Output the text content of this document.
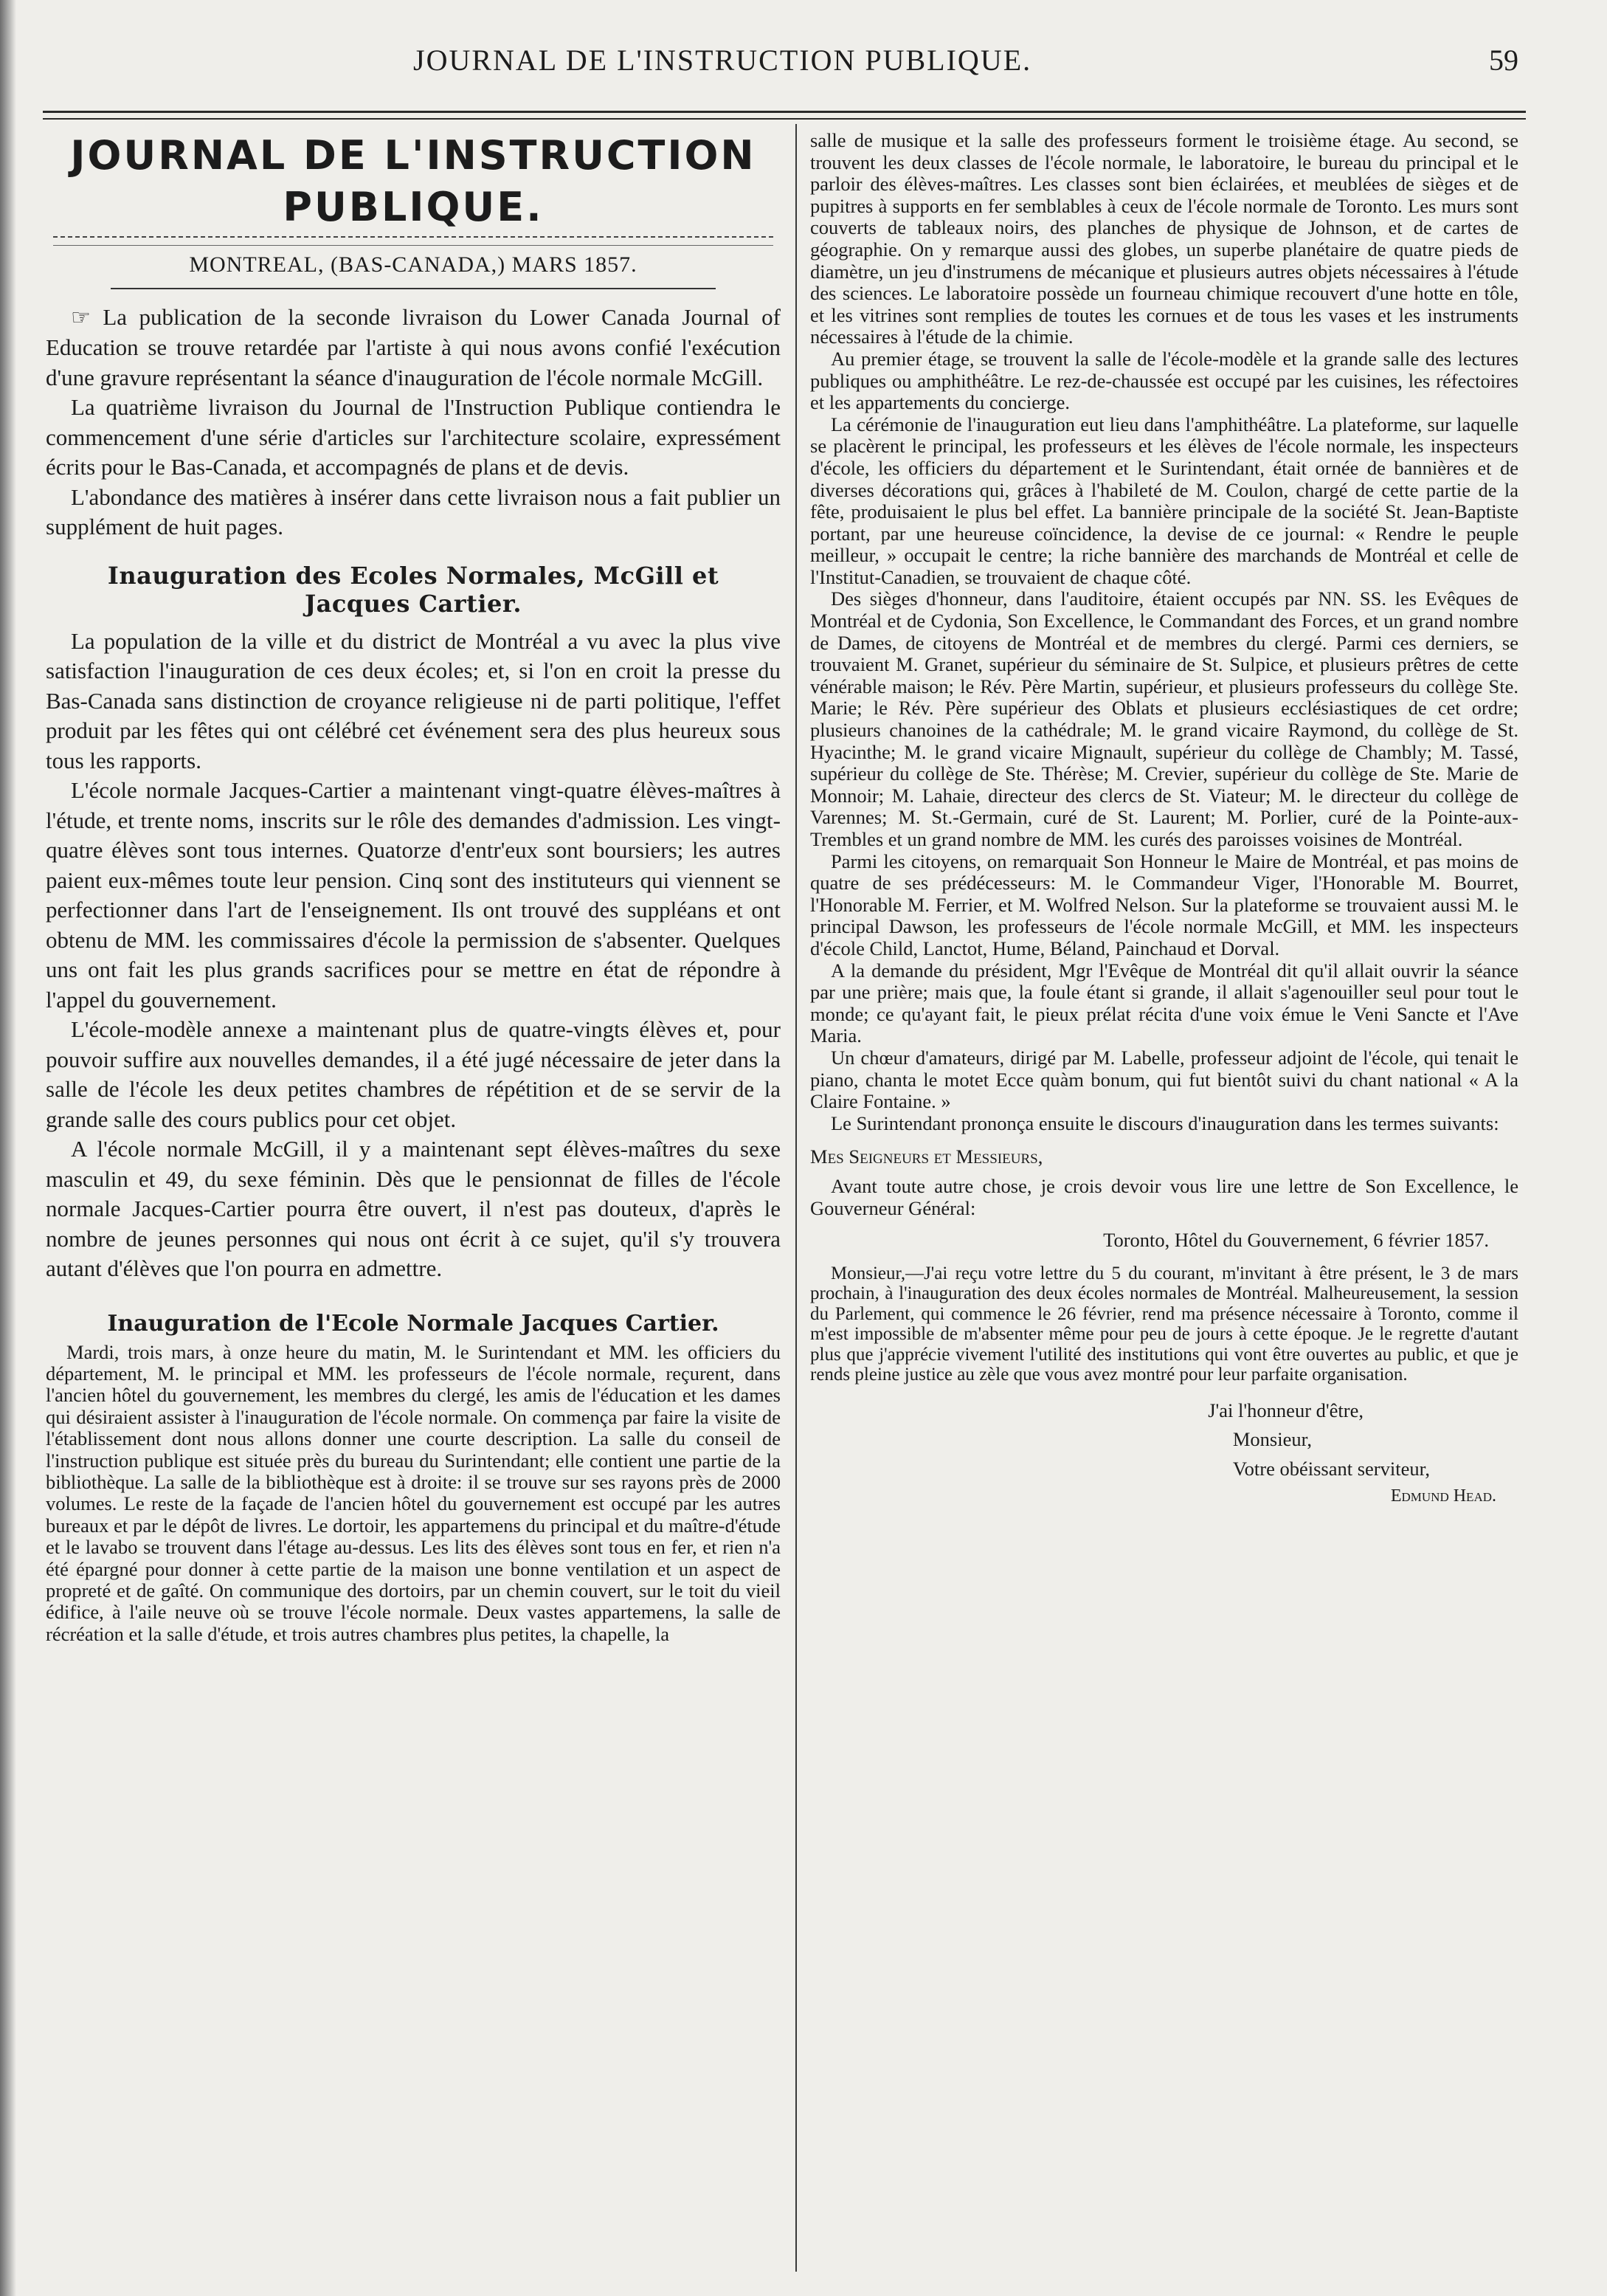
JOURNAL DE L'INSTRUCTION PUBLIQUE.	59
JOURNAL DE L'INSTRUCTION PUBLIQUE.
MONTREAL, (BAS-CANADA,) MARS 1857.

☞ La publication de la seconde livraison du Lower Canada Journal of Education se trouve retardée par l'artiste à qui nous avons confié l'exécution d'une gravure représentant la séance d'inauguration de l'école normale McGill.

La quatrième livraison du Journal de l'Instruction Publique contiendra le commencement d'une série d'articles sur l'architecture scolaire, expressément écrits pour le Bas-Canada, et accompagnés de plans et de devis.

L'abondance des matières à insérer dans cette livraison nous a fait publier un supplément de huit pages.

Inauguration des Ecoles Normales, McGill et Jacques Cartier.

La population de la ville et du district de Montréal a vu avec la plus vive satisfaction l'inauguration de ces deux écoles; et, si l'on en croit la presse du Bas-Canada sans distinction de croyance religieuse ni de parti politique, l'effet produit par les fêtes qui ont célébré cet événement sera des plus heureux sous tous les rapports.

L'école normale Jacques-Cartier a maintenant vingt-quatre élèves-maîtres à l'étude, et trente noms, inscrits sur le rôle des demandes d'admission. Les vingt-quatre élèves sont tous internes. Quatorze d'entr'eux sont boursiers; les autres paient eux-mêmes toute leur pension. Cinq sont des instituteurs qui viennent se perfectionner dans l'art de l'enseignement. Ils ont trouvé des suppléans et ont obtenu de MM. les commissaires d'école la permission de s'absenter. Quelques uns ont fait les plus grands sacrifices pour se mettre en état de répondre à l'appel du gouvernement.

L'école-modèle annexe a maintenant plus de quatre-vingts élèves et, pour pouvoir suffire aux nouvelles demandes, il a été jugé nécessaire de jeter dans la salle de l'école les deux petites chambres de répétition et de se servir de la grande salle des cours publics pour cet objet.

A l'école normale McGill, il y a maintenant sept élèves-maîtres du sexe masculin et 49, du sexe féminin. Dès que le pensionnat de filles de l'école normale Jacques-Cartier pourra être ouvert, il n'est pas douteux, d'après le nombre de jeunes personnes qui nous ont écrit à ce sujet, qu'il s'y trouvera autant d'élèves que l'on pourra en admettre.

Inauguration de l'Ecole Normale Jacques Cartier.

Mardi, trois mars, à onze heure du matin, M. le Surintendant et MM. les officiers du département, M. le principal et MM. les professeurs de l'école normale, reçurent, dans l'ancien hôtel du gouvernement, les membres du clergé, les amis de l'éducation et les dames qui désiraient assister à l'inauguration de l'école normale. On commença par faire la visite de l'établissement dont nous allons donner une courte description. La salle du conseil de l'instruction publique est située près du bureau du Surintendant; elle contient une partie de la bibliothèque. La salle de la bibliothèque est à droite: il se trouve sur ses rayons près de 2000 volumes. Le reste de la façade de l'ancien hôtel du gouvernement est occupé par les autres bureaux et par le dépôt de livres. Le dortoir, les appartemens du principal et du maître-d'étude et le lavabo se trouvent dans l'étage au-dessus. Les lits des élèves sont tous en fer, et rien n'a été épargné pour donner à cette partie de la maison une bonne ventilation et un aspect de propreté et de gaîté. On communique des dortoirs, par un chemin couvert, sur le toit du vieil édifice, à l'aile neuve où se trouve l'école normale. Deux vastes appartemens, la salle de récréation et la salle d'étude, et trois autres chambres plus petites, la chapelle, la

salle de musique et la salle des professeurs forment le troisième étage. Au second, se trouvent les deux classes de l'école normale, le laboratoire, le bureau du principal et le parloir des élèves-maîtres. Les classes sont bien éclairées, et meublées de sièges et de pupitres à supports en fer semblables à ceux de l'école normale de Toronto. Les murs sont couverts de tableaux noirs, des planches de physique de Johnson, et de cartes de géographie. On y remarque aussi des globes, un superbe planétaire de quatre pieds de diamètre, un jeu d'instrumens de mécanique et plusieurs autres objets nécessaires à l'étude des sciences. Le laboratoire possède un fourneau chimique recouvert d'une hotte en tôle, et les vitrines sont remplies de toutes les cornues et de tous les vases et les instruments nécessaires à l'étude de la chimie.

Au premier étage, se trouvent la salle de l'école-modèle et la grande salle des lectures publiques ou amphithéâtre. Le rez-de-chaussée est occupé par les cuisines, les réfectoires et les appartements du concierge.

La cérémonie de l'inauguration eut lieu dans l'amphithéâtre. La plateforme, sur laquelle se placèrent le principal, les professeurs et les élèves de l'école normale, les inspecteurs d'école, les officiers du département et le Surintendant, était ornée de bannières et de diverses décorations qui, grâces à l'habileté de M. Coulon, chargé de cette partie de la fête, produisaient le plus bel effet. La bannière principale de la société St. Jean-Baptiste portant, par une heureuse coïncidence, la devise de ce journal: « Rendre le peuple meilleur, » occupait le centre; la riche bannière des marchands de Montréal et celle de l'Institut-Canadien, se trouvaient de chaque côté.

Des sièges d'honneur, dans l'auditoire, étaient occupés par NN. SS. les Evêques de Montréal et de Cydonia, Son Excellence, le Commandant des Forces, et un grand nombre de Dames, de citoyens de Montréal et de membres du clergé. Parmi ces derniers, se trouvaient M. Granet, supérieur du séminaire de St. Sulpice, et plusieurs prêtres de cette vénérable maison; le Rév. Père Martin, supérieur, et plusieurs professeurs du collège Ste. Marie; le Rév. Père supérieur des Oblats et plusieurs ecclésiastiques de cet ordre; plusieurs chanoines de la cathédrale; M. le grand vicaire Raymond, du collège de St. Hyacinthe; M. le grand vicaire Mignault, supérieur du collège de Chambly; M. Tassé, supérieur du collège de Ste. Thérèse; M. Crevier, supérieur du collège de Ste. Marie de Monnoir; M. Lahaie, directeur des clercs de St. Viateur; M. le directeur du collège de Varennes; M. St.-Germain, curé de St. Laurent; M. Porlier, curé de la Pointe-aux-Trembles et un grand nombre de MM. les curés des paroisses voisines de Montréal.

Parmi les citoyens, on remarquait Son Honneur le Maire de Montréal, et pas moins de quatre de ses prédécesseurs: M. le Commandeur Viger, l'Honorable M. Bourret, l'Honorable M. Ferrier, et M. Wolfred Nelson. Sur la plateforme se trouvaient aussi M. le principal Dawson, les professeurs de l'école normale McGill, et MM. les inspecteurs d'école Child, Lanctot, Hume, Béland, Painchaud et Dorval.

A la demande du président, Mgr l'Evêque de Montréal dit qu'il allait ouvrir la séance par une prière; mais que, la foule étant si grande, il allait s'agenouiller seul pour tout le monde; ce qu'ayant fait, le pieux prélat récita d'une voix émue le Veni Sancte et l'Ave Maria.

Un chœur d'amateurs, dirigé par M. Labelle, professeur adjoint de l'école, qui tenait le piano, chanta le motet Ecce quàm bonum, qui fut bientôt suivi du chant national « A la Claire Fontaine. »

Le Surintendant prononça ensuite le discours d'inauguration dans les termes suivants:

Mes Seigneurs et Messieurs,

Avant toute autre chose, je crois devoir vous lire une lettre de Son Excellence, le Gouverneur Général:

Toronto, Hôtel du Gouvernement, 6 février 1857.

Monsieur,—J'ai reçu votre lettre du 5 du courant, m'invitant à être présent, le 3 de mars prochain, à l'inauguration des deux écoles normales de Montréal. Malheureusement, la session du Parlement, qui commence le 26 février, rend ma présence nécessaire à Toronto, comme il m'est impossible de m'absenter même pour peu de jours à cette époque. Je le regrette d'autant plus que j'apprécie vivement l'utilité des institutions qui vont être ouvertes au public, et que je rends pleine justice au zèle que vous avez montré pour leur parfaite organisation.

J'ai l'honneur d'être,

Monsieur,

Votre obéissant serviteur,

Edmund Head.
